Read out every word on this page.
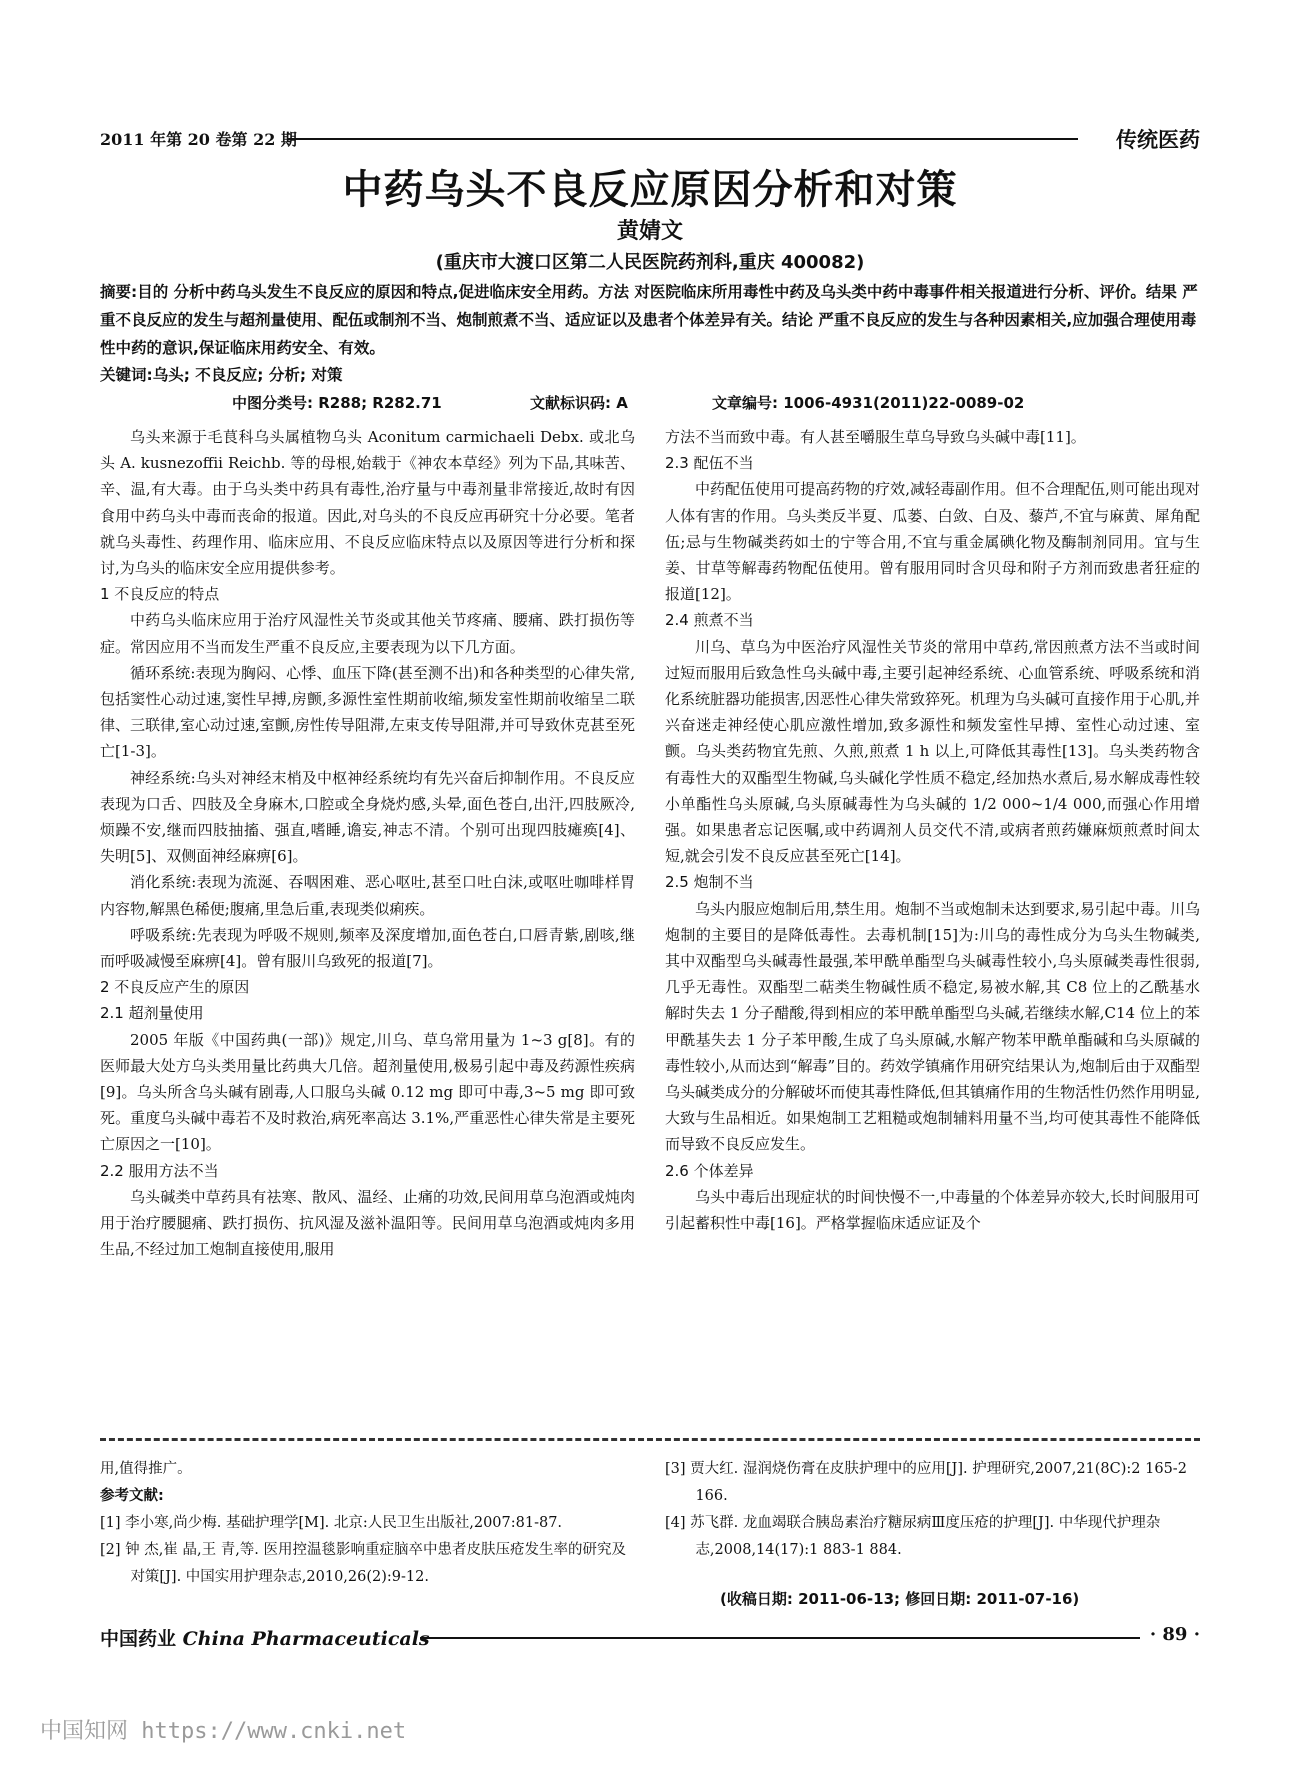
2011 年第 20 卷第 22 期	传统医药
中药乌头不良反应原因分析和对策
黄婧文
(重庆市大渡口区第二人民医院药剂科,重庆 400082)

摘要:目的 分析中药乌头发生不良反应的原因和特点,促进临床安全用药。方法 对医院临床所用毒性中药及乌头类中药中毒事件相关报道进行分析、评价。结果 严重不良反应的发生与超剂量使用、配伍或制剂不当、炮制煎煮不当、适应证以及患者个体差异有关。结论 严重不良反应的发生与各种因素相关,应加强合理使用毒性中药的意识,保证临床用药安全、有效。

关键词:乌头; 不良反应; 分析; 对策

中图分类号: R288; R282.71	文献标识码: A	文章编号: 1006-4931(2011)22-0089-02

乌头来源于毛茛科乌头属植物乌头 Aconitum carmichaeli Debx. 或北乌头 A. kusnezoffii Reichb. 等的母根,始载于《神农本草经》列为下品,其味苦、辛、温,有大毒。由于乌头类中药具有毒性,治疗量与中毒剂量非常接近,故时有因食用中药乌头中毒而丧命的报道。因此,对乌头的不良反应再研究十分必要。笔者就乌头毒性、药理作用、临床应用、不良反应临床特点以及原因等进行分析和探讨,为乌头的临床安全应用提供参考。

1 不良反应的特点

中药乌头临床应用于治疗风湿性关节炎或其他关节疼痛、腰痛、跌打损伤等症。常因应用不当而发生严重不良反应,主要表现为以下几方面。

循环系统:表现为胸闷、心悸、血压下降(甚至测不出)和各种类型的心律失常,包括窦性心动过速,窦性早搏,房颤,多源性室性期前收缩,频发室性期前收缩呈二联律、三联律,室心动过速,室颤,房性传导阻滞,左束支传导阻滞,并可导致休克甚至死亡[1-3]。

神经系统:乌头对神经末梢及中枢神经系统均有先兴奋后抑制作用。不良反应表现为口舌、四肢及全身麻木,口腔或全身烧灼感,头晕,面色苍白,出汗,四肢厥冷,烦躁不安,继而四肢抽搐、强直,嗜睡,谵妄,神志不清。个别可出现四肢瘫痪[4]、失明[5]、双侧面神经麻痹[6]。

消化系统:表现为流涎、吞咽困难、恶心呕吐,甚至口吐白沫,或呕吐咖啡样胃内容物,解黑色稀便;腹痛,里急后重,表现类似痢疾。

呼吸系统:先表现为呼吸不规则,频率及深度增加,面色苍白,口唇青紫,剧咳,继而呼吸减慢至麻痹[4]。曾有服川乌致死的报道[7]。

2 不良反应产生的原因
2.1 超剂量使用

2005 年版《中国药典(一部)》规定,川乌、草乌常用量为 1~3 g[8]。有的医师最大处方乌头类用量比药典大几倍。超剂量使用,极易引起中毒及药源性疾病[9]。乌头所含乌头碱有剧毒,人口服乌头碱 0.12 mg 即可中毒,3~5 mg 即可致死。重度乌头碱中毒若不及时救治,病死率高达 3.1%,严重恶性心律失常是主要死亡原因之一[10]。

2.2 服用方法不当

乌头碱类中草药具有祛寒、散风、温经、止痛的功效,民间用草乌泡酒或炖肉用于治疗腰腿痛、跌打损伤、抗风湿及滋补温阳等。民间用草乌泡酒或炖肉多用生品,不经过加工炮制直接使用,服用

方法不当而致中毒。有人甚至嚼服生草乌导致乌头碱中毒[11]。

2.3 配伍不当

中药配伍使用可提高药物的疗效,减轻毒副作用。但不合理配伍,则可能出现对人体有害的作用。乌头类反半夏、瓜蒌、白敛、白及、藜芦,不宜与麻黄、犀角配伍;忌与生物碱类药如士的宁等合用,不宜与重金属碘化物及酶制剂同用。宜与生姜、甘草等解毒药物配伍使用。曾有服用同时含贝母和附子方剂而致患者狂症的报道[12]。

2.4 煎煮不当

川乌、草乌为中医治疗风湿性关节炎的常用中草药,常因煎煮方法不当或时间过短而服用后致急性乌头碱中毒,主要引起神经系统、心血管系统、呼吸系统和消化系统脏器功能损害,因恶性心律失常致猝死。机理为乌头碱可直接作用于心肌,并兴奋迷走神经使心肌应激性增加,致多源性和频发室性早搏、室性心动过速、室颤。乌头类药物宜先煎、久煎,煎煮 1 h 以上,可降低其毒性[13]。乌头类药物含有毒性大的双酯型生物碱,乌头碱化学性质不稳定,经加热水煮后,易水解成毒性较小单酯性乌头原碱,乌头原碱毒性为乌头碱的 1/2 000~1/4 000,而强心作用增强。如果患者忘记医嘱,或中药调剂人员交代不清,或病者煎药嫌麻烦煎煮时间太短,就会引发不良反应甚至死亡[14]。

2.5 炮制不当

乌头内服应炮制后用,禁生用。炮制不当或炮制未达到要求,易引起中毒。川乌炮制的主要目的是降低毒性。去毒机制[15]为:川乌的毒性成分为乌头生物碱类,其中双酯型乌头碱毒性最强,苯甲酰单酯型乌头碱毒性较小,乌头原碱类毒性很弱,几乎无毒性。双酯型二萜类生物碱性质不稳定,易被水解,其 C8 位上的乙酰基水解时失去 1 分子醋酸,得到相应的苯甲酰单酯型乌头碱,若继续水解,C14 位上的苯甲酰基失去 1 分子苯甲酸,生成了乌头原碱,水解产物苯甲酰单酯碱和乌头原碱的毒性较小,从而达到“解毒”目的。药效学镇痛作用研究结果认为,炮制后由于双酯型乌头碱类成分的分解破坏而使其毒性降低,但其镇痛作用的生物活性仍然作用明显,大致与生品相近。如果炮制工艺粗糙或炮制辅料用量不当,均可使其毒性不能降低而导致不良反应发生。

2.6 个体差异

乌头中毒后出现症状的时间快慢不一,中毒量的个体差异亦较大,长时间服用可引起蓄积性中毒[16]。严格掌握临床适应证及个

用,值得推广。

参考文献:

[1] 李小寒,尚少梅. 基础护理学[M]. 北京:人民卫生出版社,2007:81-87.

[2] 钟 杰,崔 晶,王 青,等. 医用控温毯影响重症脑卒中患者皮肤压疮发生率的研究及对策[J]. 中国实用护理杂志,2010,26(2):9-12.

[3] 贾大红. 湿润烧伤膏在皮肤护理中的应用[J]. 护理研究,2007,21(8C):2 165-2 166.

[4] 苏飞群. 龙血竭联合胰岛素治疗糖尿病Ⅲ度压疮的护理[J]. 中华现代护理杂志,2008,14(17):1 883-1 884.

(收稿日期: 2011-06-13; 修回日期: 2011-07-16)
中国药业 China Pharmaceuticals	· 89 ·
中国知网 https://www.cnki.net
